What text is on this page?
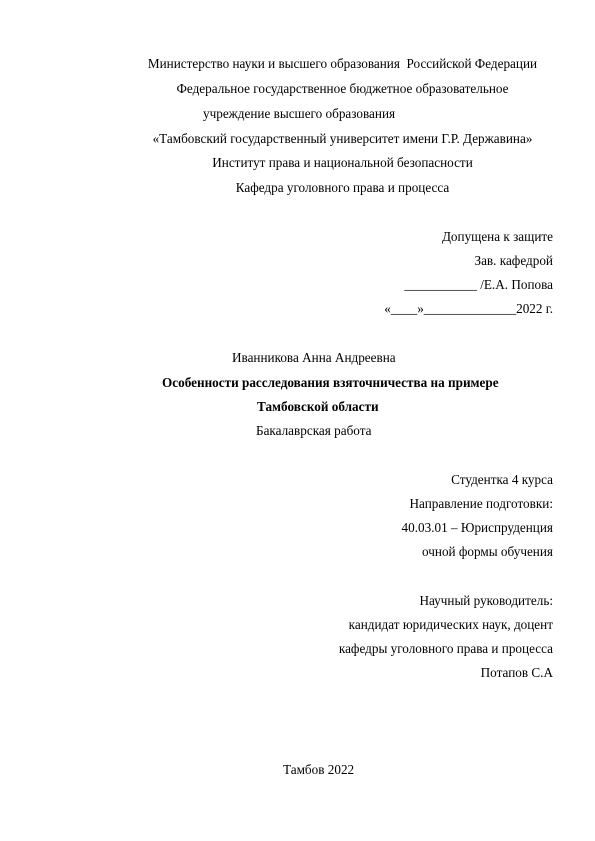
Министерство науки и высшего образования  Российской Федерации
Федеральное государственное бюджетное образовательное
учреждение высшего образования
«Тамбовский государственный университет имени Г.Р. Державина»
Институт права и национальной безопасности
Кафедра уголовного права и процесса
Допущена к защите
Зав. кафедрой
___________ /Е.А. Попова
«____»______________2022 г.
Иванникова Анна Андреевна
Особенности расследования взяточничества на примере
Тамбовской области
Бакалаврская работа
Студентка 4 курса
Направление подготовки:
40.03.01 – Юриспруденция
очной формы обучения
Научный руководитель:
кандидат юридических наук, доцент
кафедры уголовного права и процесса
Потапов С.А
Тамбов 2022
